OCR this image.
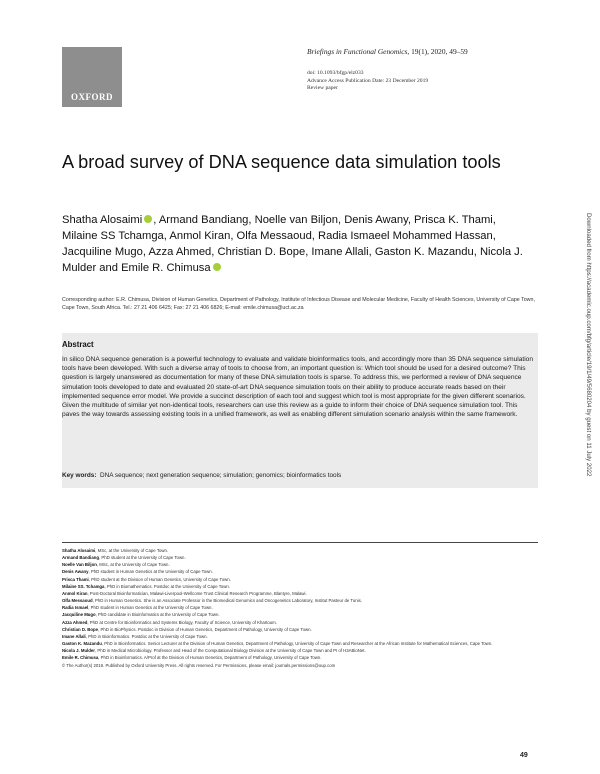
OXFORD
Briefings in Functional Genomics, 19(1), 2020, 49–59
doi: 10.1093/bfgp/elz033
Advance Access Publication Date: 23 December 2019
Review paper
A broad survey of DNA sequence data simulation tools
Shatha Alosaimi , Armand Bandiang, Noelle van Biljon, Denis Awany, Prisca K. Thami, Milaine SS Tchamga, Anmol Kiran, Olfa Messaoud, Radia Ismaeel Mohammed Hassan, Jacquiline Mugo, Azza Ahmed, Christian D. Bope, Imane Allali, Gaston K. Mazandu, Nicola J. Mulder and Emile R. Chimusa
Corresponding author: E.R. Chimusa, Division of Human Genetics, Department of Pathology, Institute of Infectious Disease and Molecular Medicine, Faculty of Health Sciences, University of Cape Town, Cape Town, South Africa. Tel.: 27 21 406 6425; Fax: 27 21 406 6826; E-mail: emile.chimusa@uct.ac.za
Abstract
In silico DNA sequence generation is a powerful technology to evaluate and validate bioinformatics tools, and accordingly more than 35 DNA sequence simulation tools have been developed. With such a diverse array of tools to choose from, an important question is: Which tool should be used for a desired outcome? This question is largely unanswered as documentation for many of these DNA simulation tools is sparse. To address this, we performed a review of DNA sequence simulation tools developed to date and evaluated 20 state-of-art DNA sequence simulation tools on their ability to produce accurate reads based on their implemented sequence error model. We provide a succinct description of each tool and suggest which tool is most appropriate for the given different scenarios. Given the multitude of similar yet non-identical tools, researchers can use this review as a guide to inform their choice of DNA sequence simulation tool. This paves the way towards assessing existing tools in a unified framework, as well as enabling different simulation scenario analysis within the same framework.
Key words: DNA sequence; next generation sequence; simulation; genomics; bioinformatics tools

Shatha Alosaimi, MSc, at the University of Cape Town.

Armand Bandiang, PhD student at the University of Cape Town.

Noelle Van Biljon, MSc, at the University of Cape Town.

Denis Awany, PhD student in Human Genetics at the University of Cape Town.

Prisca Thami, PhD student at the Division of Human Genetics, University of Cape Town.

Milaine SS. Tchamga, PhD in Biomathematics. Postdoc at the University of Cape Town.

Anmol Kiran, Post-Doctoral Bioinformatician, Malawi-Liverpool-Wellcome Trust Clinical Research Programme, Blantyre, Malawi.

Olfa Messaoud, PhD in Human Genetics. She is an Associate Professor in the Biomedical Genomics and Oncogenetics Laboratory, Institut Pasteur de Tunis.

Radia Ismael, PhD student in Human Genetics at the University of Cape Town.

Jacquiline Mugo, PhD candidate in Bioinformatics at the University of Cape Town.

Azza Ahmed, PhD at Centre for Bioinformatics and Systems Biology, Faculty of Science, University of Khartoum.

Christian D. Bope, PhD in BioPhysics. Postdoc in Division of Human Genetics, Department of Pathology, University of Cape Town.

Imane Allali, PhD in Bioinformatics. Postdoc at the University of Cape Town.

Gaston K. Mazandu, PhD in Bioinformatics. Senior Lecturer at the Division of Human Genetics, Department of Pathology, University of Cape Town and Researcher at the African Institute for Mathematical Sciences, Cape Town.

Nicola J. Mulder, PhD in Medical Microbiology. Professor and Head of the Computational Biology Division at the University of Cape Town and PI of H3ABioNet.

Emile R. Chimusa, PhD in Bioinformatics. A/Prof at the Division of Human Genetics, Department of Pathology, University of Cape Town.

© The Author(s) 2019. Published by Oxford University Press. All rights reserved. For Permissions, please email: journals.permissions@oup.com

49
Downloaded from https://academic.oup.com/bfg/article/19/1/49/5680204 by guest on 11 July 2022
